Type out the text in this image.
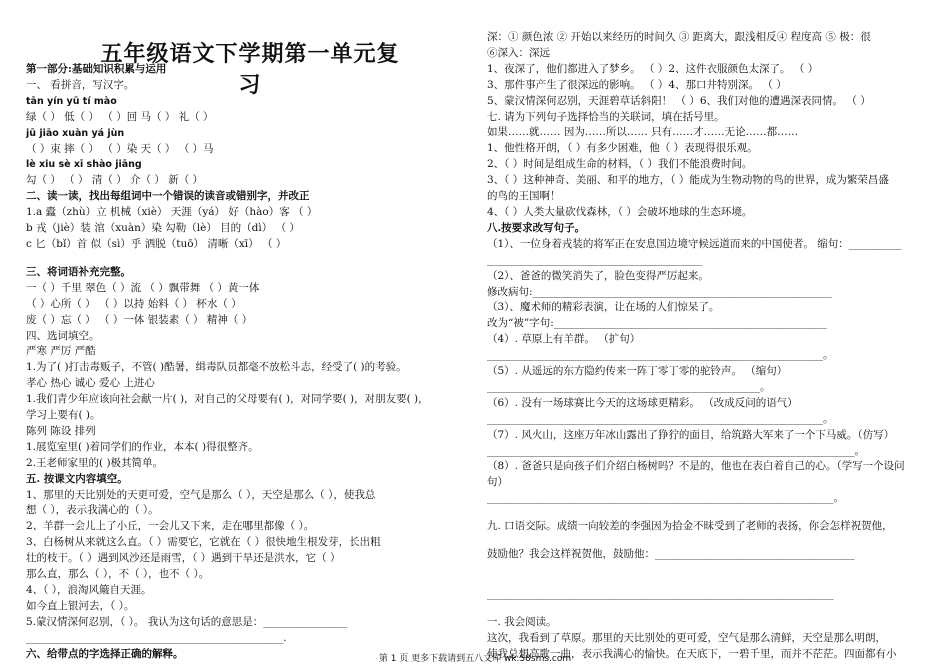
五年级语文下学期第一单元复习
第一部分:基础知识积累与运用
一、 看拼音，写汉字。
tān yín yū tí mào
绿（ ） 低（ ） （ ）回 马（ ） 礼（ ）
jū jiāo xuàn yá jùn
（ ）束 摔（ ） （ ）染 天（ ） （ ）马
lè xiu sè xī shào jiāng
勾（ ） （ ） 清（ ） 介（ ） 新（ ）
二、读一读，找出每组词中一个错误的读音或错别字，并改正
1.a 蠹（zhù）立 机械（xiè） 天涯（yá） 好（hào）客 （ ）
b 戎（jiè）装 涫（xuàn）染 勾勒（lè） 目的（dì） （ ）
c 匕（bǐ）首 似（sì）乎 洒脱（tuō） 清晰（xī） （ ）
三、将词语补充完整。
一（ ）千里 翠色（ ）流 （ ）飘带舞 （ ）黄一体
（ ）心所（ ） （ ）以持 始料（ ） 杯水（ ）
废（ ）忘（ ） （ ）一体 银装素（ ） 精神（ ）
四、选词填空。
严寒 严厉 严酷
1.为了( )打击毒贩子，不管( )酷暑，缉毒队员都毫不放松斗志，经受了( )的考验。
孝心 热心 诚心 爱心 上进心
1.我们青少年应该向社会献一片( )，对自己的父母要有( )，对同学要( )，对朋友要( )，
学习上要有( )。
陈列 陈设 排列
1.展览室里( )着同学们的作业，本本( )得很整齐。
2.王老师家里的( )极其简单。
五. 按课文内容填空。
1、那里的天比别处的天更可爱，空气是那么（ ），天空是那么（ ），使我总
想（ ），表示我满心的（ ）。
2、羊群一会儿上了小丘，一会儿又下来，走在哪里都像（ ）。
3、白杨树从来就这么直。（ ）需要它，它就在（ ）很快地生根发芽，长出粗
壮的枝干。（ ）遇到风沙还是雨雪，（ ）遇到干旱还是洪水，它（ ）
那么直，那么（ ），不（ ），也不（ ）。
4、（ ），浪淘风簸自天涯。
如今直上银河去，（ ）。
5.蒙汉情深何忍别，（ ）。 我认为这句话的意思是：________________
_________________________________________________.
六、给带点的字选择正确的解释。
深：① 颜色浓 ② 开始以来经历的时间久 ③ 距离大，跟浅相反④ 程度高 ⑤ 极：很
⑥深入：深远
1、夜深了，他们都进入了梦乡。 （ ）2、这件衣服颜色太深了。 （ ）
3、那件事产生了很深远的影响。 （ ）4、那口井特别深。 （ ）
5、蒙汉情深何忍别，天涯碧草话斜阳！ （ ）6、我们对他的遭遇深表同情。 （ ）
七. 请为下列句子选择恰当的关联词，填在括号里。
如果……就…… 因为……所以…… 只有……才……无论……都……
1、他性格开朗，（ ）有多少困难，他（ ）表现得很乐观。
2、（ ）时间是组成生命的材料，（ ）我们不能浪费时间。
3、（ ）这种神奇、美丽、和平的地方，（ ）能成为生物动物的鸟的世界，成为繁荣昌盛
的鸟的王国啊！
4、（ ）人类大量砍伐森林，（ ）会破坏地球的生态环境。
八.按要求改写句子。
（1）、一位身着戎装的将军正在安息国边境守候远道而来的中国使者。 缩句：__________
_________________________________________
（2）、爸爸的微笑消失了，脸色变得严厉起来。
修改病句:_________________________________________________________
（3）、魔术师的精彩表演，让在场的人们惊呆了。
改为“被”字句:____________________________________________________
（4）. 草原上有羊群。 （扩句）
________________________________________________________________。
（5）. 从遥远的东方隐约传来一阵丁零丁零的驼铃声。 （缩句）
____________________________________________________。
（6）. 没有一场球赛比今天的这场球更精彩。 （改成反问的语气）
________________________________________________________________。
（7）. 风火山，这座万年冰山露出了狰狞的面目，给筑路大军来了一个下马威。（仿写）
______________________________________________________________________。
（8）. 爸爸只是向孩子们介绍白杨树吗？不是的，他也在表白着自己的心。（学写一个设问
句）
__________________________________________________________________。
九. 口语交际。成绩一向较差的李强因为拾金不昧受到了老师的表扬，你会怎样祝贺他，
鼓励他？我会这样祝贺他，鼓励他：______________________________________
__________________________________________________________________
一. 我会阅读。
这次，我看到了草原。那里的天比别处的更可爱，空气是那么清鲜，天空是那么明朗，
使我总想高歌一曲，表示我满心的愉快。在天底下，一碧千里，而并不茫茫。四面都有小
第 1 页 更多下载请到五八文库 wk.58sms.com
